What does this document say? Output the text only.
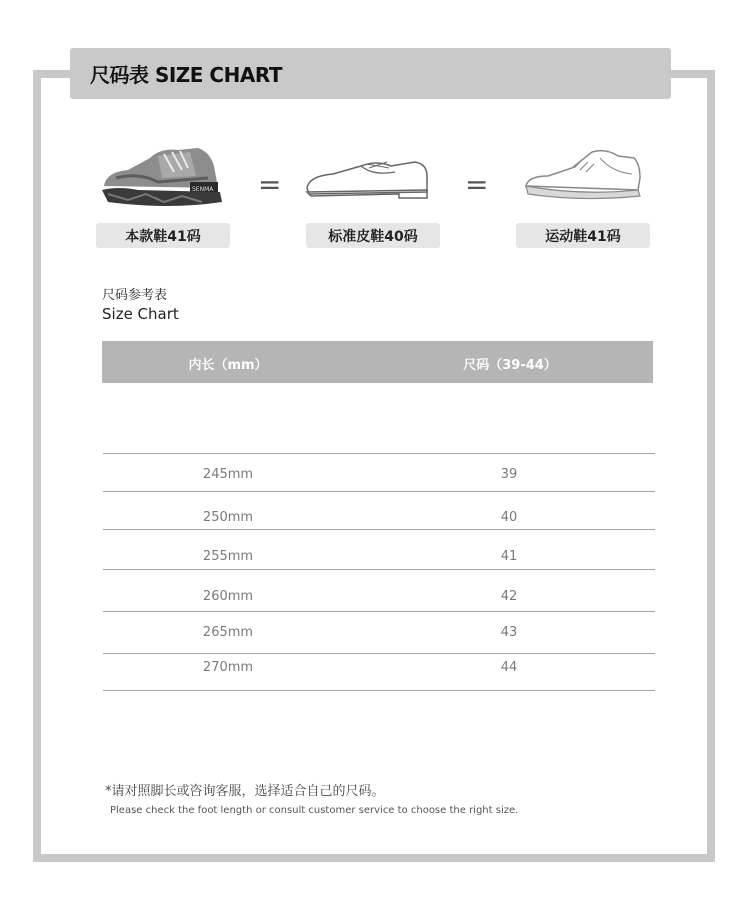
尺码表 SIZE CHART
SENMA =	=
本款鞋41码	标准皮鞋40码	运动鞋41码
尺码参考表
Size Chart
内长（mm）	尺码（39-44）
245mm	39
250mm	40
255mm	41
260mm	42
265mm	43
270mm	44
*请对照脚长或咨询客服，选择适合自己的尺码。
Please check the foot length or consult customer service to choose the right size.
